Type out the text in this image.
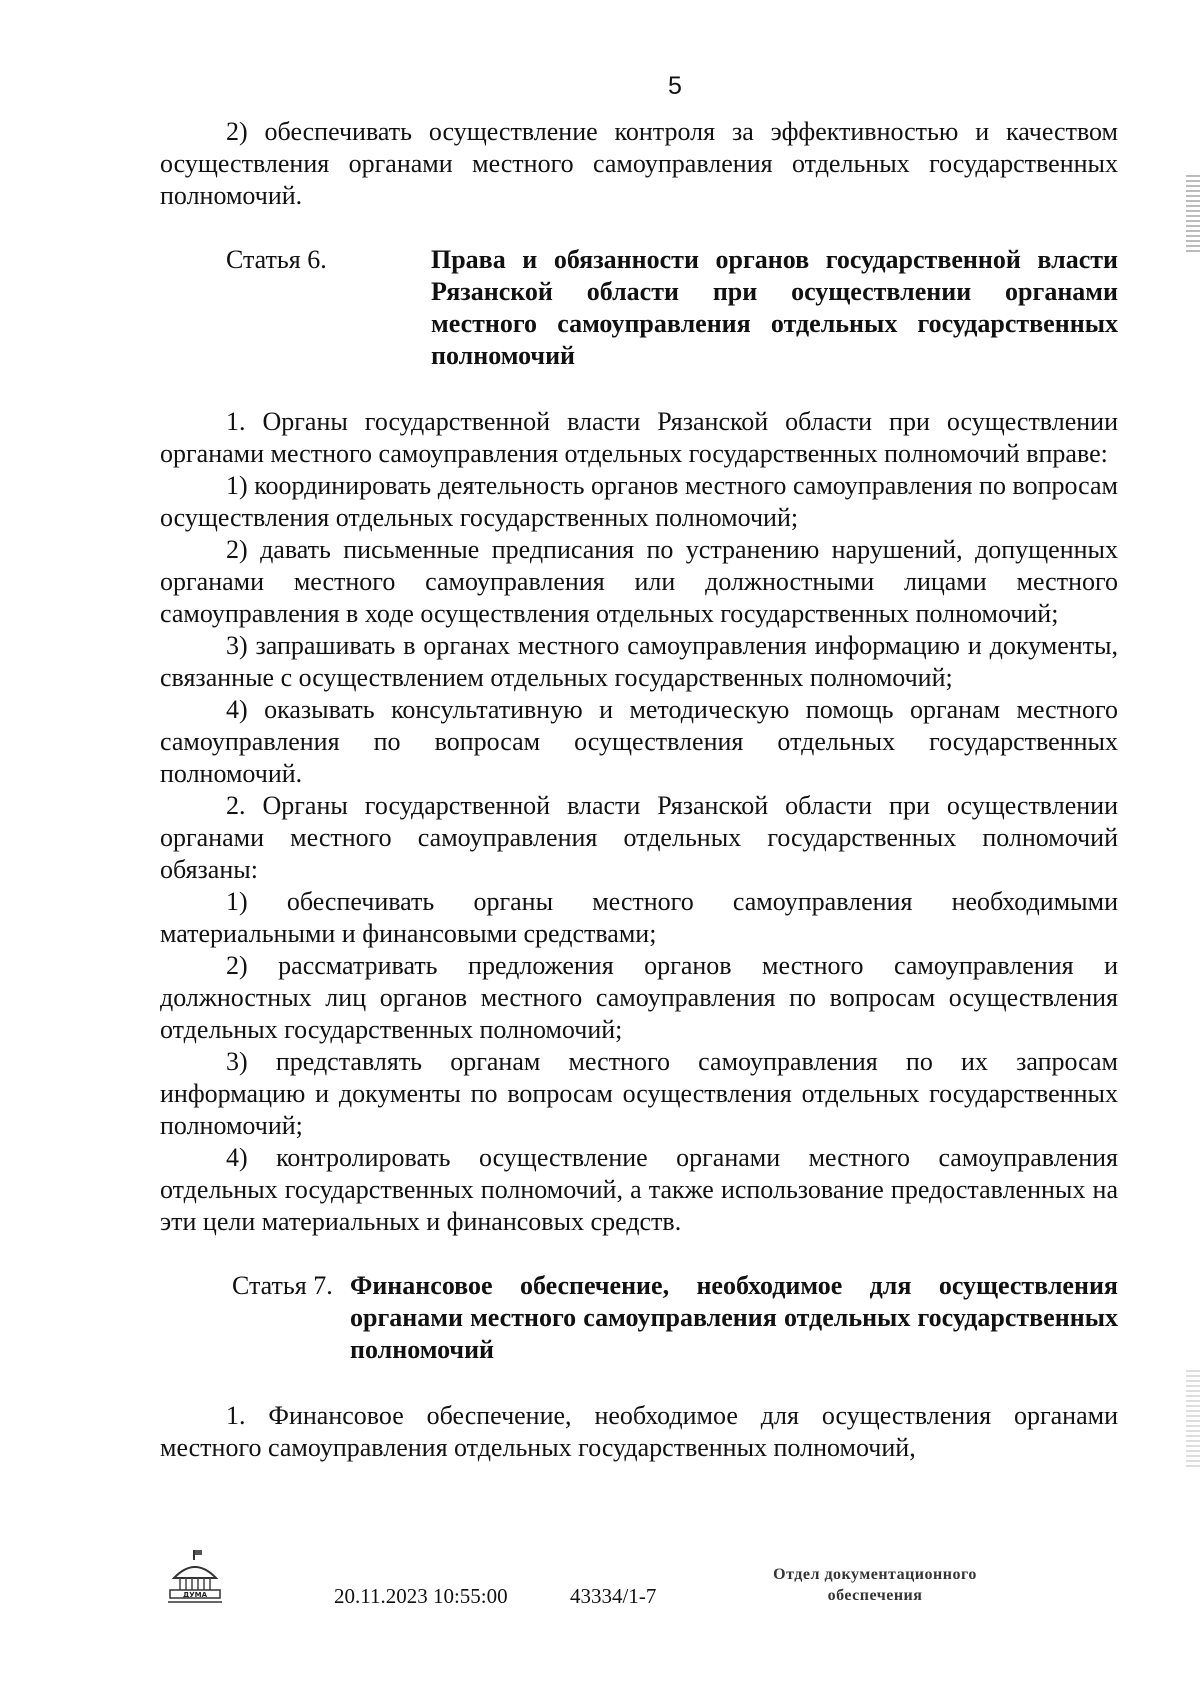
5

2) обеспечивать осуществление контроля за эффективностью и качеством осуществления органами местного самоуправления отдельных государственных полномочий.

Статья 6.	Права и обязанности органов государственной власти Рязанской области при осуществлении органами местного самоуправления отдельных государственных полномочий

1. Органы государственной власти Рязанской области при осуществлении органами местного самоуправления отдельных государственных полномочий вправе:

1) координировать деятельность органов местного самоуправления по вопросам осуществления отдельных государственных полномочий;

2) давать письменные предписания по устранению нарушений, допущенных органами местного самоуправления или должностными лицами местного самоуправления в ходе осуществления отдельных государственных полномочий;

3) запрашивать в органах местного самоуправления информацию и документы, связанные с осуществлением отдельных государственных полномочий;

4) оказывать консультативную и методическую помощь органам местного самоуправления по вопросам осуществления отдельных государственных полномочий.

2. Органы государственной власти Рязанской области при осуществлении органами местного самоуправления отдельных государственных полномочий обязаны:

1) обеспечивать органы местного самоуправления необходимыми материальными и финансовыми средствами;

2) рассматривать предложения органов местного самоуправления и должностных лиц органов местного самоуправления по вопросам осуществления отдельных государственных полномочий;

3) представлять органам местного самоуправления по их запросам информацию и документы по вопросам осуществления отдельных государственных полномочий;

4) контролировать осуществление органами местного самоуправления отдельных государственных полномочий, а также использование предоставленных на эти цели материальных и финансовых средств.

Статья 7. Финансовое обеспечение, необходимое для осуществления органами местного самоуправления отдельных государственных полномочий

1. Финансовое обеспечение, необходимое для осуществления органами местного самоуправления отдельных государственных полномочий,

ДУМА	20.11.2023 10:55:00	43334/1-7
Отдел документационного обеспечения
